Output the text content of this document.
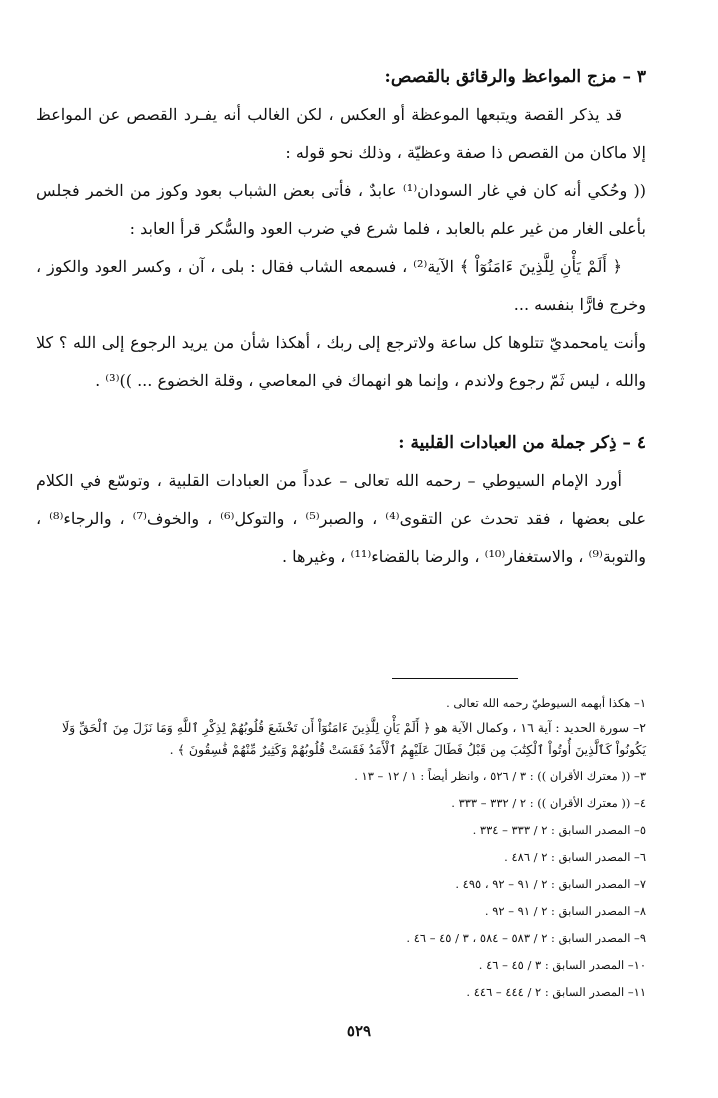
٣ – مزج المواعظ والرقائق بالقصص:

قد يذكر القصة ويتبعها الموعظة أو العكس ، لكن الغالب أنه يفـرد القصص عن المواعظ إلا ماكان من القصص ذا صفة وعظيّة ، وذلك نحو قوله :

(( وحُكي أنه كان في غار السودان⁽¹⁾ عابدٌ ، فأتى بعض الشباب بعود وكوز من الخمر فجلس بأعلى الغار من غير علم بالعابد ، فلما شرع في ضرب العود والسُّكر قرأ العابد :

﴿ أَلَمْ يَأْنِ لِلَّذِينَ ءَامَنُوٓاْ ﴾ الآية⁽²⁾ ، فسمعه الشاب فقال : بلى ، آن ، وكسر العود والكوز ، وخرج فارًّا بنفسه ...

وأنت يامحمديّ تتلوها كل ساعة ولاترجع إلى ربك ، أهكذا شأن من يريد الرجوع إلى الله ؟ كلا والله ، ليس ثَمّ رجوع ولاندم ، وإنما هو انهماك في المعاصي ، وقلة الخضوع ... ))⁽³⁾ .

٤ – ذِكر جملة من العبادات القلبية :

أورد الإمام السيوطي – رحمه الله تعالى – عدداً من العبادات القلبية ، وتوسّع في الكلام على بعضها ، فقد تحدث عن التقوى⁽⁴⁾ ، والصبر⁽⁵⁾ ، والتوكل⁽⁶⁾ ، والخوف⁽⁷⁾ ، والرجاء⁽⁸⁾ ، والتوبة⁽⁹⁾ ، والاستغفار⁽¹⁰⁾ ، والرضا بالقضاء⁽¹¹⁾ ، وغيرها .

١– هكذا أبهمه السيوطيّ رحمه الله تعالى .

٢– سورة الحديد : آية ١٦ ، وكمال الآية هو ﴿ أَلَمْ يَأْنِ لِلَّذِينَ ءَامَنُوٓاْ أَن تَخْشَعَ قُلُوبُهُمْ لِذِكْرِ ٱللَّهِ وَمَا نَزَلَ مِنَ ٱلْحَقِّ وَلَا يَكُونُواْ كَٱلَّذِينَ أُوتُواْ ٱلْكِتَٰبَ مِن قَبْلُ فَطَالَ عَلَيْهِمُ ٱلْأَمَدُ فَقَسَتْ قُلُوبُهُمْ وَكَثِيرٌ مِّنْهُمْ فَٰسِقُونَ ﴾ .

٣– (( معترك الأقران )) : ٣ / ٥٢٦ ، وانظر أيضاً : ١ / ١٢ – ١٣ .

٤– (( معترك الأقران )) : ٢ / ٣٣٢ – ٣٣٣ .

٥– المصدر السابق : ٢ / ٣٣٣ – ٣٣٤ .

٦– المصدر السابق : ٢ / ٤٨٦ .

٧– المصدر السابق : ٢ / ٩١ – ٩٢ ، ٤٩٥ .

٨– المصدر السابق : ٢ / ٩١ – ٩٢ .

٩– المصدر السابق : ٢ / ٥٨٣ – ٥٨٤ ، ٣ / ٤٥ – ٤٦ .

١٠– المصدر السابق : ٣ / ٤٥ – ٤٦ .

١١– المصدر السابق : ٢ / ٤٤٤ – ٤٤٦ .

٥٢٩
